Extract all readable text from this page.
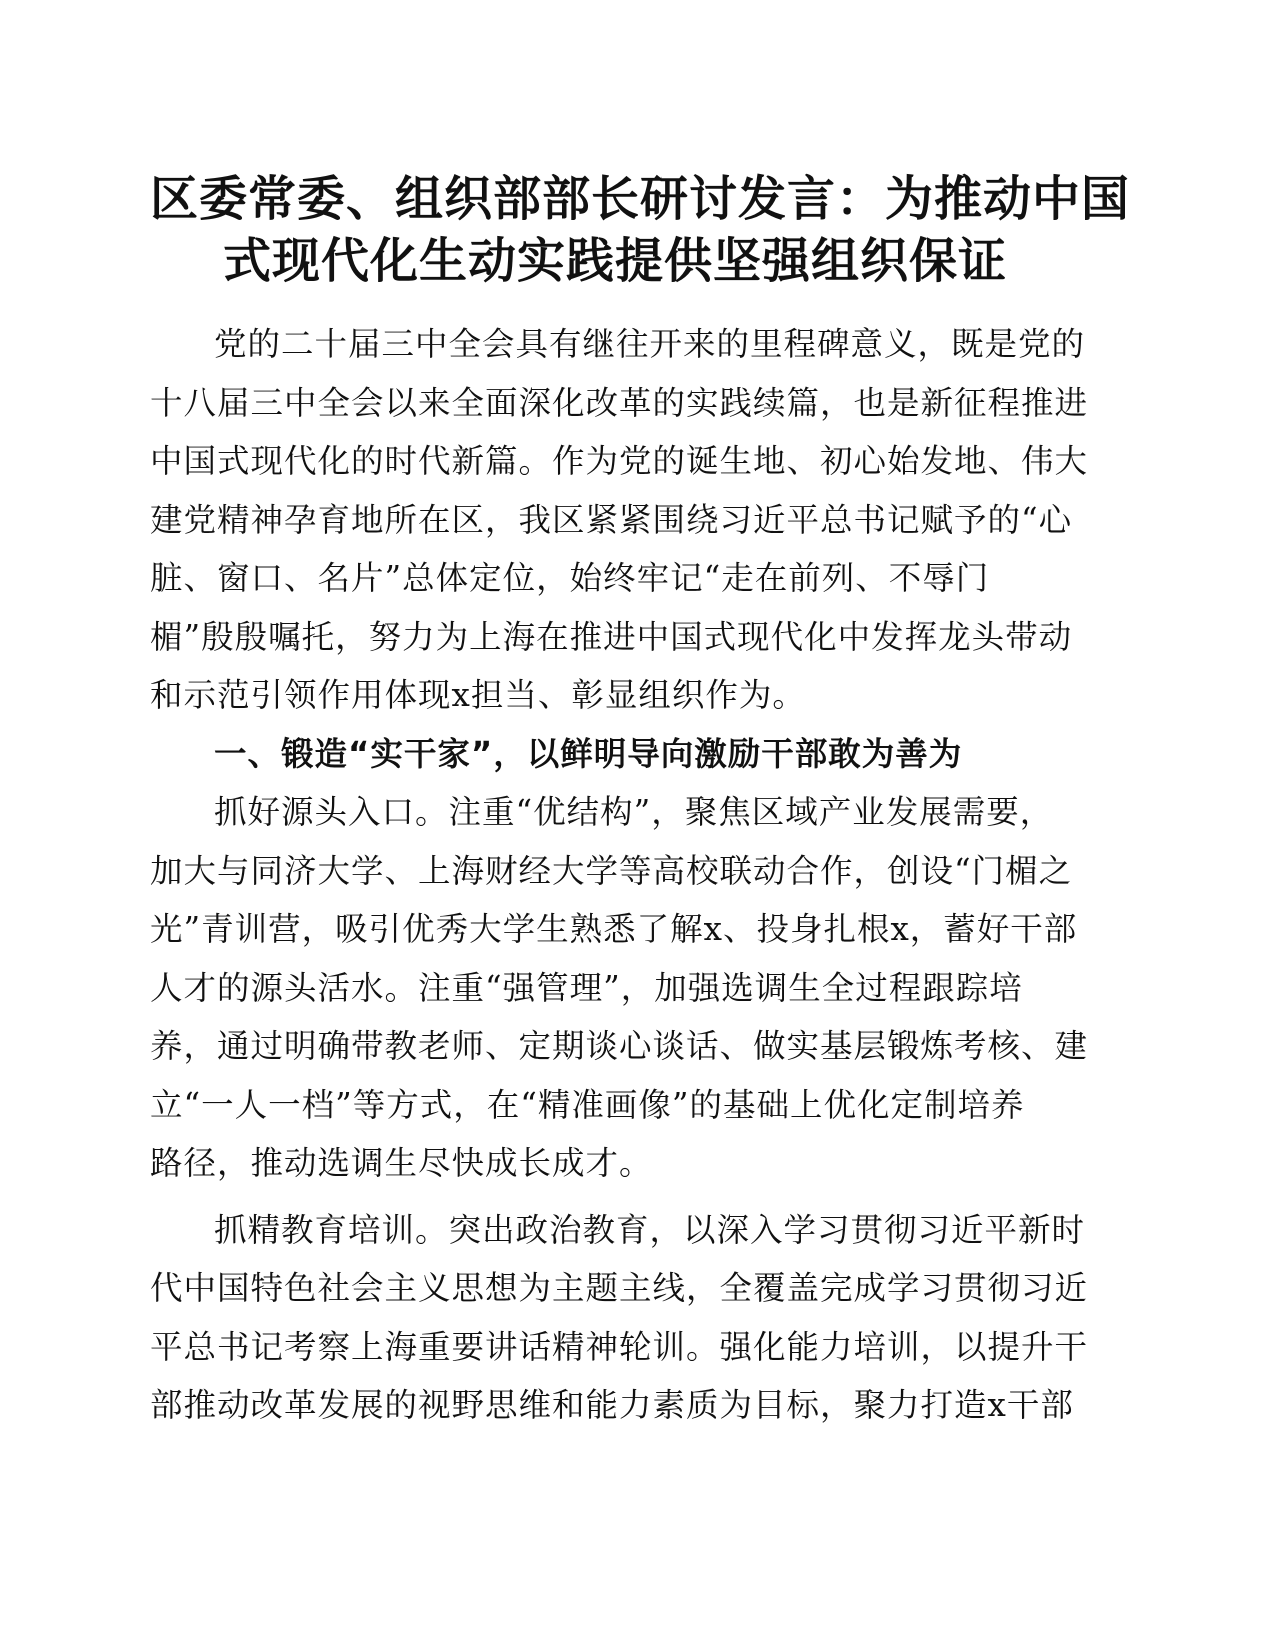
区委常委、组织部部长研讨发言：为推动中国
式现代化生动实践提供坚强组织保证
党的二十届三中全会具有继往开来的里程碑意义，既是党的
十八届三中全会以来全面深化改革的实践续篇，也是新征程推进
中国式现代化的时代新篇。作为党的诞生地、初心始发地、伟大
建党精神孕育地所在区，我区紧紧围绕习近平总书记赋予的“心
脏、窗口、名片”总体定位，始终牢记“走在前列、不辱门
楣”殷殷嘱托，努力为上海在推进中国式现代化中发挥龙头带动
和示范引领作用体现x担当、彰显组织作为。
一、锻造“实干家”，以鲜明导向激励干部敢为善为
抓好源头入口。注重“优结构”，聚焦区域产业发展需要，
加大与同济大学、上海财经大学等高校联动合作，创设“门楣之
光”青训营，吸引优秀大学生熟悉了解x、投身扎根x，蓄好干部
人才的源头活水。注重“强管理”，加强选调生全过程跟踪培
养，通过明确带教老师、定期谈心谈话、做实基层锻炼考核、建
立“一人一档”等方式，在“精准画像”的基础上优化定制培养
路径，推动选调生尽快成长成才。
抓精教育培训。突出政治教育，以深入学习贯彻习近平新时
代中国特色社会主义思想为主题主线，全覆盖完成学习贯彻习近
平总书记考察上海重要讲话精神轮训。强化能力培训，以提升干
部推动改革发展的视野思维和能力素质为目标，聚力打造x干部
